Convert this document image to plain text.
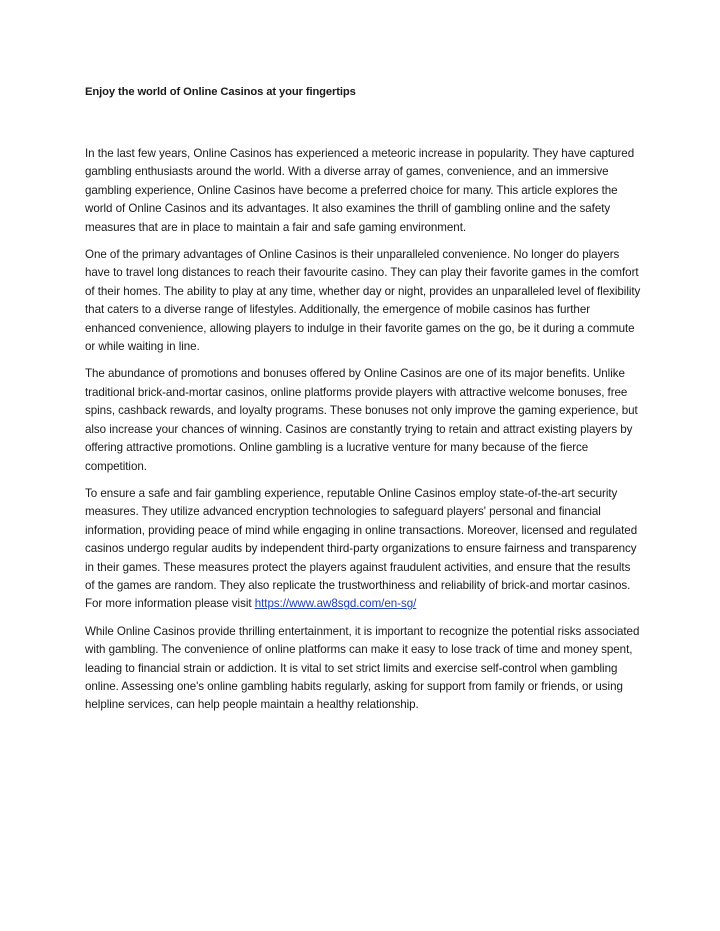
Enjoy the world of Online Casinos at your fingertips

In the last few years, Online Casinos has experienced a meteoric increase in popularity. They have captured gambling enthusiasts around the world. With a diverse array of games, convenience, and an immersive gambling experience, Online Casinos have become a preferred choice for many. This article explores the world of Online Casinos and its advantages. It also examines the thrill of gambling online and the safety measures that are in place to maintain a fair and safe gaming environment.

One of the primary advantages of Online Casinos is their unparalleled convenience. No longer do players have to travel long distances to reach their favourite casino. They can play their favorite games in the comfort of their homes. The ability to play at any time, whether day or night, provides an unparalleled level of flexibility that caters to a diverse range of lifestyles. Additionally, the emergence of mobile casinos has further enhanced convenience, allowing players to indulge in their favorite games on the go, be it during a commute or while waiting in line.

The abundance of promotions and bonuses offered by Online Casinos are one of its major benefits. Unlike traditional brick-and-mortar casinos, online platforms provide players with attractive welcome bonuses, free spins, cashback rewards, and loyalty programs. These bonuses not only improve the gaming experience, but also increase your chances of winning. Casinos are constantly trying to retain and attract existing players by offering attractive promotions. Online gambling is a lucrative venture for many because of the fierce competition.

To ensure a safe and fair gambling experience, reputable Online Casinos employ state-of-the-art security measures. They utilize advanced encryption technologies to safeguard players' personal and financial information, providing peace of mind while engaging in online transactions. Moreover, licensed and regulated casinos undergo regular audits by independent third-party organizations to ensure fairness and transparency in their games. These measures protect the players against fraudulent activities, and ensure that the results of the games are random. They also replicate the trustworthiness and reliability of brick-and mortar casinos. For more information please visit https://www.aw8sgd.com/en-sg/

While Online Casinos provide thrilling entertainment, it is important to recognize the potential risks associated with gambling. The convenience of online platforms can make it easy to lose track of time and money spent, leading to financial strain or addiction. It is vital to set strict limits and exercise self-control when gambling online. Assessing one's online gambling habits regularly, asking for support from family or friends, or using helpline services, can help people maintain a healthy relationship.
